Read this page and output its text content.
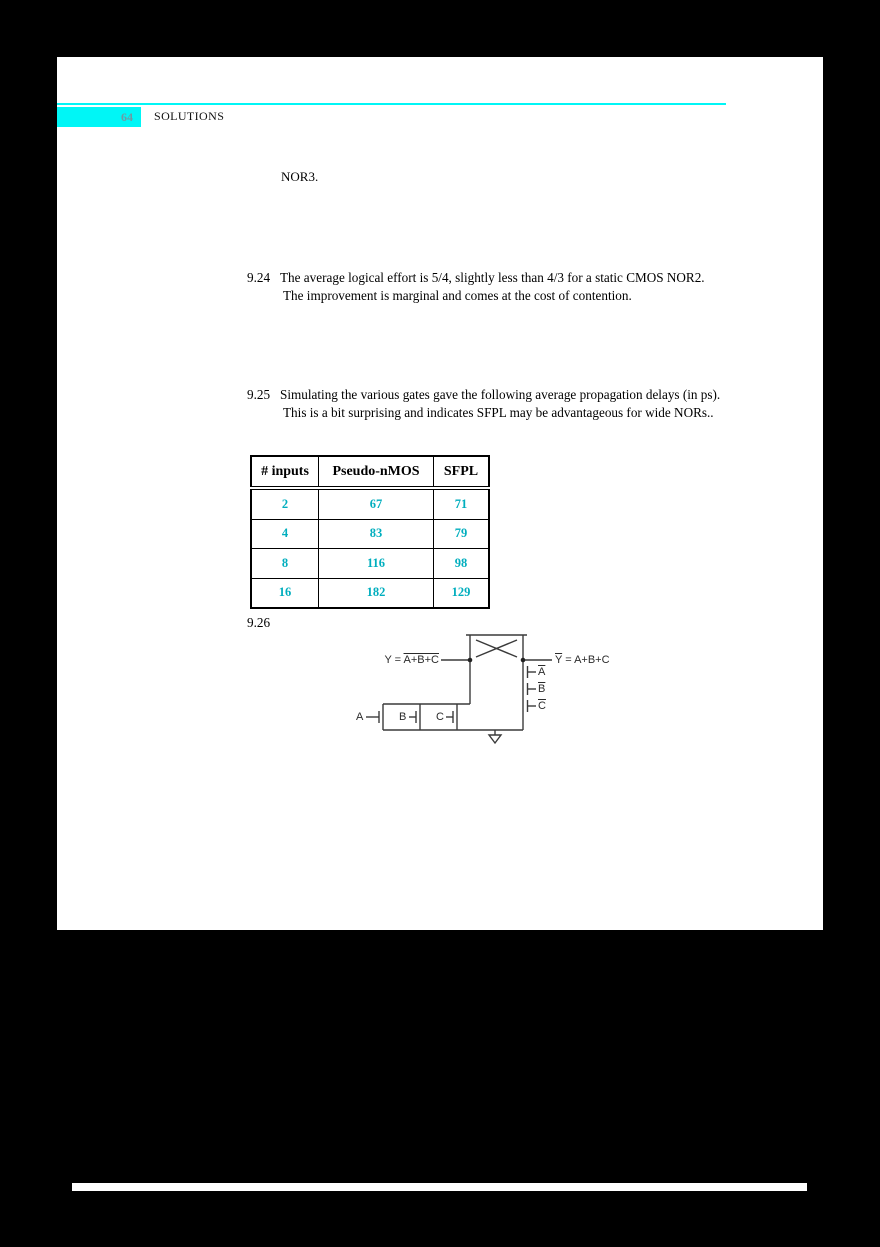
64	SOLUTIONS
NOR3.
9.24 The average logical effort is 5/4, slightly less than 4/3 for a static CMOS NOR2.
The improvement is marginal and comes at the cost of contention.
9.25 Simulating the various gates gave the following average propagation delays (in ps).
This is a bit surprising and indicates SFPL may be advantageous for wide NORs..
# inputs	Pseudo-nMOS	SFPL
2	67	71
4	83	79
8	116	98
16	182	129
9.26
Y = A+B+C	$\overline{Y} = A+B+C$
$\overline{A}$
$\overline{B}$
$\overline{C}$
A	B	C
